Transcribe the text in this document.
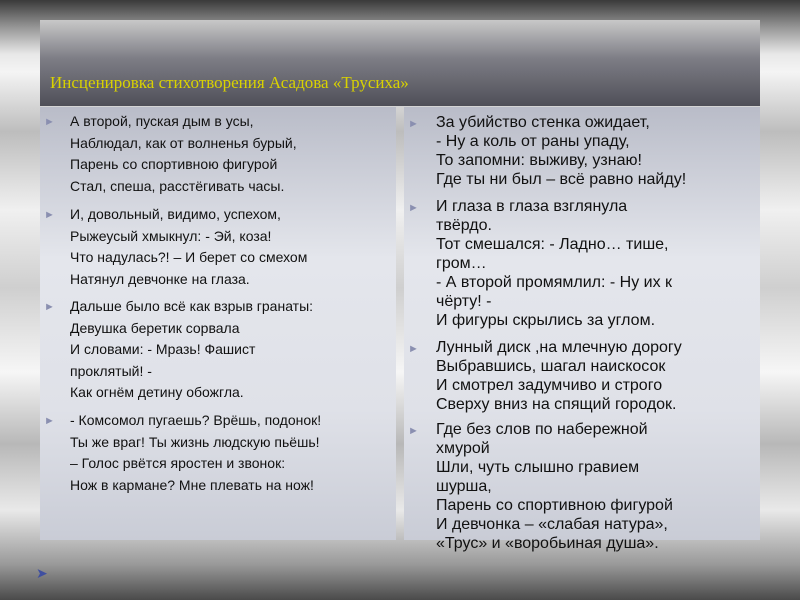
Инсценировка стихотворения Асадова «Трусиха»
► А второй, пуская дым в усы,
Наблюдал, как от волненья бурый,
Парень со спортивною фигурой
Стал, спеша, расстёгивать часы.
► И, довольный, видимо, успехом,
Рыжеусый хмыкнул: - Эй, коза!
Что надулась?! – И берет со смехом
Натянул девчонке на глаза.
► Дальше было всё как взрыв гранаты:
Девушка беретик сорвала
И словами: - Мразь! Фашист
проклятый! -
Как огнём детину обожгла.
► - Комсомол пугаешь? Врёшь, подонок!
Ты же враг! Ты жизнь людскую пьёшь!
– Голос рвётся яростен и звонок:
Нож в кармане? Мне плевать на нож!
► За убийство стенка ожидает,
- Ну а коль от раны упаду,
То запомни: выживу, узнаю!
Где ты ни был – всё равно найду!
► И глаза в глаза взглянула
твёрдо.
Тот смешался: - Ладно… тише,
гром…
- А второй промямлил: - Ну их к
чёрту! -
И фигуры скрылись за углом.
► Лунный диск ,на млечную дорогу
Выбравшись, шагал наискосок
И смотрел задумчиво и строго
Сверху вниз на спящий городок.
► Где без слов по набережной
хмурой
Шли, чуть слышно гравием
шурша,
Парень со спортивною фигурой
И девчонка – «слабая натура»,
«Трус» и «воробьиная душа».
➤
